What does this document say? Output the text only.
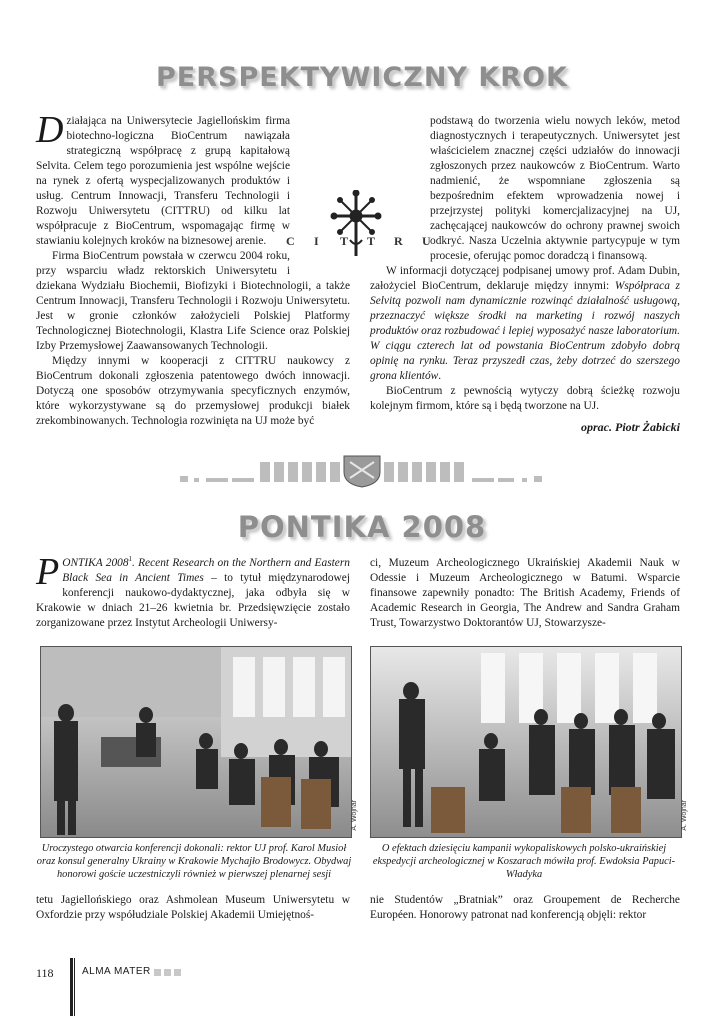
PERSPEKTYWICZNY KROK

Działająca na Uniwersytecie Jagiellońskim firma biotechno-logiczna BioCentrum nawiązała strategiczną współpracę z grupą kapitałową Selvita. Celem tego porozumienia jest wspólne wejście na rynek z ofertą wyspecjalizowanych produktów i usług. Centrum Innowacji, Transferu Technologii i Rozwoju Uniwersytetu (CITTRU) od kilku lat współpracuje z BioCentrum, wspomagając firmę w stawianiu kolejnych kroków na biznesowej arenie.

Firma BioCentrum powstała w czerwcu 2004 roku, przy wsparciu władz rektorskich Uniwersytetu i dziekana Wydziału Biochemii, Biofizyki i Biotechnologii, a także Centrum Innowacji, Transferu Technologii i Rozwoju Uniwersytetu. Jest w gronie członków założycieli Polskiej Platformy Technologicznej Biotechnologii, Klastra Life Science oraz Polskiej Izby Przemysłowej Zaawansowanych Technologii.

Między innymi w kooperacji z CITTRU naukowcy z BioCentrum dokonali zgłoszenia patentowego dwóch innowacji. Dotyczą one sposobów otrzymywania specyficznych enzymów, które wykorzystywane są do przemysłowej produkcji białek zrekombinowanych. Technologia rozwinięta na UJ może być

podstawą do tworzenia wielu nowych leków, metod diagnostycznych i terapeutycznych. Uniwersytet jest właścicielem znacznej części udziałów do innowacji zgłoszonych przez naukowców z BioCentrum. Warto nadmienić, że wspomniane zgłoszenia są bezpośrednim efektem wprowadzenia nowej i przejrzystej polityki komercjalizacyjnej na UJ, zachęcającej naukowców do ochrony prawnej swoich odkryć. Nasza Uczelnia aktywnie partycypuje w tym procesie, oferując pomoc doradczą i finansową.

W informacji dotyczącej podpisanej umowy prof. Adam Dubin, założyciel BioCentrum, deklaruje między innymi: Współpraca z Selvitą pozwoli nam dynamicznie rozwinąć działalność usługową, przeznaczyć większe środki na marketing i rozwój naszych produktów oraz rozbudować i lepiej wyposażyć nasze laboratorium. W ciągu czterech lat od powstania BioCentrum zdobyło dobrą opinię na rynku. Teraz przyszedł czas, żeby dotrzeć do szerszego grona klientów.

BioCentrum z pewnością wytyczy dobrą ścieżkę rozwoju kolejnym firmom, które są i będą tworzone na UJ.

C I T T R U
oprac. Piotr Żabicki
PONTIKA 2008

PONTIKA 2008$^1$. Recent Research on the Northern and Eastern Black Sea in Ancient Times – to tytuł międzynarodowej konferencji naukowo-dydaktycznej, jaka odbyła się w Krakowie w dniach 21–26 kwietnia br. Przedsięwzięcie zostało zorganizowane przez Instytut Archeologii Uniwersy-

ci, Muzeum Archeologicznego Ukraińskiej Akademii Nauk w Odessie i Muzeum Archeologicznego w Batumi. Wsparcie finansowe zapewniły ponadto: The British Academy, Friends of Academic Research in Georgia, The Andrew and Sandra Graham Trust, Towarzystwo Doktorantów UJ, Stowarzysze-

A. Wojnar	A. Wojnar
Uroczystego otwarcia konferencji dokonali: rektor UJ prof. Karol Musioł oraz konsul generalny Ukrainy w Krakowie Mychajło Brodowycz. Obydwaj honorowi goście uczestniczyli również w pierwszej plenarnej sesji
O efektach dziesięciu kampanii wykopaliskowych polsko-ukraińskiej ekspedycji archeologicznej w Koszarach mówiła prof. Ewdoksia Papuci-Władyka
tetu Jagiellońskiego oraz Ashmolean Museum Uniwersytetu w Oxfordzie przy współudziale Polskiej Akademii Umiejętnoś-
nie Studentów „Bratniak” oraz Groupement de Recherche Européen. Honorowy patronat nad konferencją objęli: rektor
118	ALMA MATER
